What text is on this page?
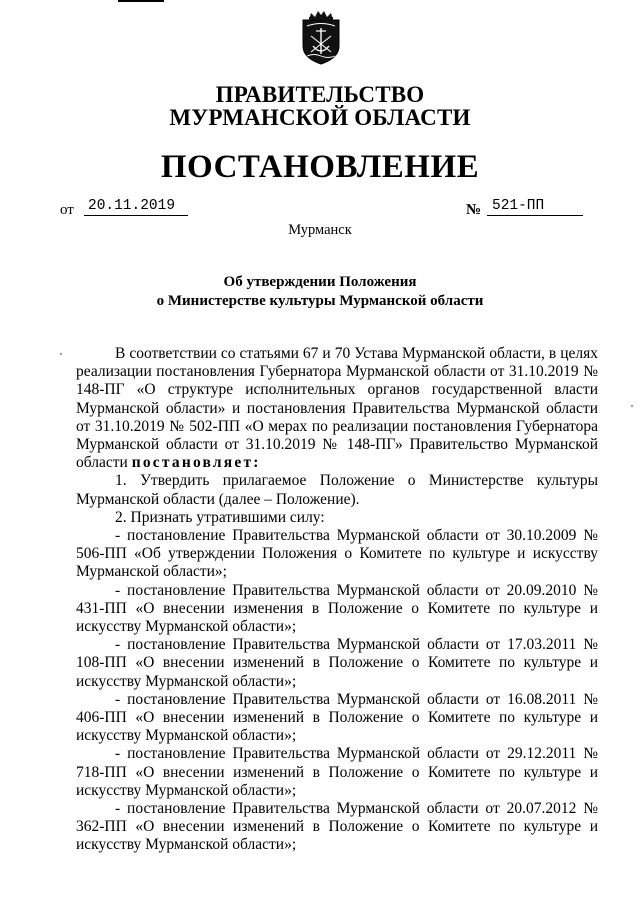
ПРАВИТЕЛЬСТВО
МУРМАНСКОЙ ОБЛАСТИ
ПОСТАНОВЛЕНИЕ
от 20.11.2019	№ 521-ПП
Мурманск
Об утверждении Положения
о Министерстве культуры Мурманской области

В соответствии со статьями 67 и 70 Устава Мурманской области, в целях реализации постановления Губернатора Мурманской области от 31.10.2019 № 148-ПГ «О структуре исполнительных органов государственной власти Мурманской области» и постановления Правительства Мурманской области от 31.10.2019 № 502-ПП «О мерах по реализации постановления Губернатора Мурманской области от 31.10.2019 № 148-ПГ» Правительство Мурманской области постановляет:

1. Утвердить прилагаемое Положение о Министерстве культуры Мурманской области (далее – Положение).

2. Признать утратившими силу:

- постановление Правительства Мурманской области от 30.10.2009 № 506-ПП «Об утверждении Положения о Комитете по культуре и искусству Мурманской области»;

- постановление Правительства Мурманской области от 20.09.2010 № 431-ПП «О внесении изменения в Положение о Комитете по культуре и искусству Мурманской области»;

- постановление Правительства Мурманской области от 17.03.2011 № 108-ПП «О внесении изменений в Положение о Комитете по культуре и искусству Мурманской области»;

- постановление Правительства Мурманской области от 16.08.2011 № 406-ПП «О внесении изменений в Положение о Комитете по культуре и искусству Мурманской области»;

- постановление Правительства Мурманской области от 29.12.2011 № 718-ПП «О внесении изменений в Положение о Комитете по культуре и искусству Мурманской области»;

- постановление Правительства Мурманской области от 20.07.2012 № 362-ПП «О внесении изменений в Положение о Комитете по культуре и искусству Мурманской области»;
